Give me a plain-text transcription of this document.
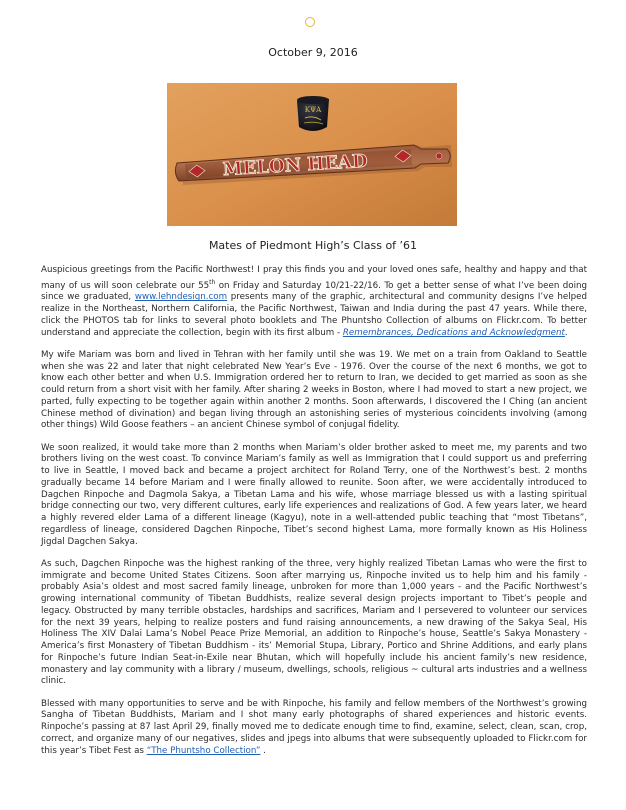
October 9, 2016
ΚΨΑ
MELON HEAD
Mates of Piedmont High’s Class of ’61

Auspicious greetings from the Pacific Northwest! I pray this finds you and your loved ones safe, healthy and happy and that many of us will soon celebrate our 55th on Friday and Saturday 10/21-22/16. To get a better sense of what I’ve been doing since we graduated, www.lehndesign.com presents many of the graphic, architectural and community designs I’ve helped realize in the Northeast, Northern California, the Pacific Northwest, Taiwan and India during the past 47 years. While there, click the PHOTOS tab for links to several photo booklets and The Phuntsho Collection of albums on Flickr.com. To better understand and appreciate the collection, begin with its first album - Remembrances, Dedications and Acknowledgment.

My wife Mariam was born and lived in Tehran with her family until she was 19. We met on a train from Oakland to Seattle when she was 22 and later that night celebrated New Year’s Eve - 1976. Over the course of the next 6 months, we got to know each other better and when U.S. Immigration ordered her to return to Iran, we decided to get married as soon as she could return from a short visit with her family. After sharing 2 weeks in Boston, where I had moved to start a new project, we parted, fully expecting to be together again within another 2 months. Soon afterwards, I discovered the I Ching (an ancient Chinese method of divination) and began living through an astonishing series of mysterious coincidents involving (among other things) Wild Goose feathers – an ancient Chinese symbol of conjugal fidelity.

We soon realized, it would take more than 2 months when Mariam’s older brother asked to meet me, my parents and two brothers living on the west coast. To convince Mariam’s family as well as Immigration that I could support us and preferring to live in Seattle, I moved back and became a project architect for Roland Terry, one of the Northwest’s best. 2 months gradually became 14 before Mariam and I were finally allowed to reunite. Soon after, we were accidentally introduced to Dagchen Rinpoche and Dagmola Sakya, a Tibetan Lama and his wife, whose marriage blessed us with a lasting spiritual bridge connecting our two, very different cultures, early life experiences and realizations of God. A few years later, we heard a highly revered elder Lama of a different lineage (Kagyu), note in a well-attended public teaching that “most Tibetans”, regardless of lineage, considered Dagchen Rinpoche, Tibet’s second highest Lama, more formally known as His Holiness Jigdal Dagchen Sakya.

As such, Dagchen Rinpoche was the highest ranking of the three, very highly realized Tibetan Lamas who were the first to immigrate and become United States Citizens. Soon after marrying us, Rinpoche invited us to help him and his family - probably Asia’s oldest and most sacred family lineage, unbroken for more than 1,000 years - and the Pacific Northwest’s growing international community of Tibetan Buddhists, realize several design projects important to Tibet’s people and legacy. Obstructed by many terrible obstacles, hardships and sacrifices, Mariam and I persevered to volunteer our services for the next 39 years, helping to realize posters and fund raising announcements, a new drawing of the Sakya Seal, His Holiness The XIV Dalai Lama’s Nobel Peace Prize Memorial, an addition to Rinpoche’s house, Seattle’s Sakya Monastery - America’s first Monastery of Tibetan Buddhism - its’ Memorial Stupa, Library, Portico and Shrine Additions, and early plans for Rinpoche’s future Indian Seat-in-Exile near Bhutan, which will hopefully include his ancient family’s new residence, monastery and lay community with a library / museum, dwellings, schools, religious ~ cultural arts industries and a wellness clinic.

Blessed with many opportunities to serve and be with Rinpoche, his family and fellow members of the Northwest’s growing Sangha of Tibetan Buddhists, Mariam and I shot many early photographs of shared experiences and historic events. Rinpoche’s passing at 87 last April 29, finally moved me to dedicate enough time to find, examine, select, clean, scan, crop, correct, and organize many of our negatives, slides and jpegs into albums that were subsequently uploaded to Flickr.com for this year’s Tibet Fest as “The Phuntsho Collection” .
